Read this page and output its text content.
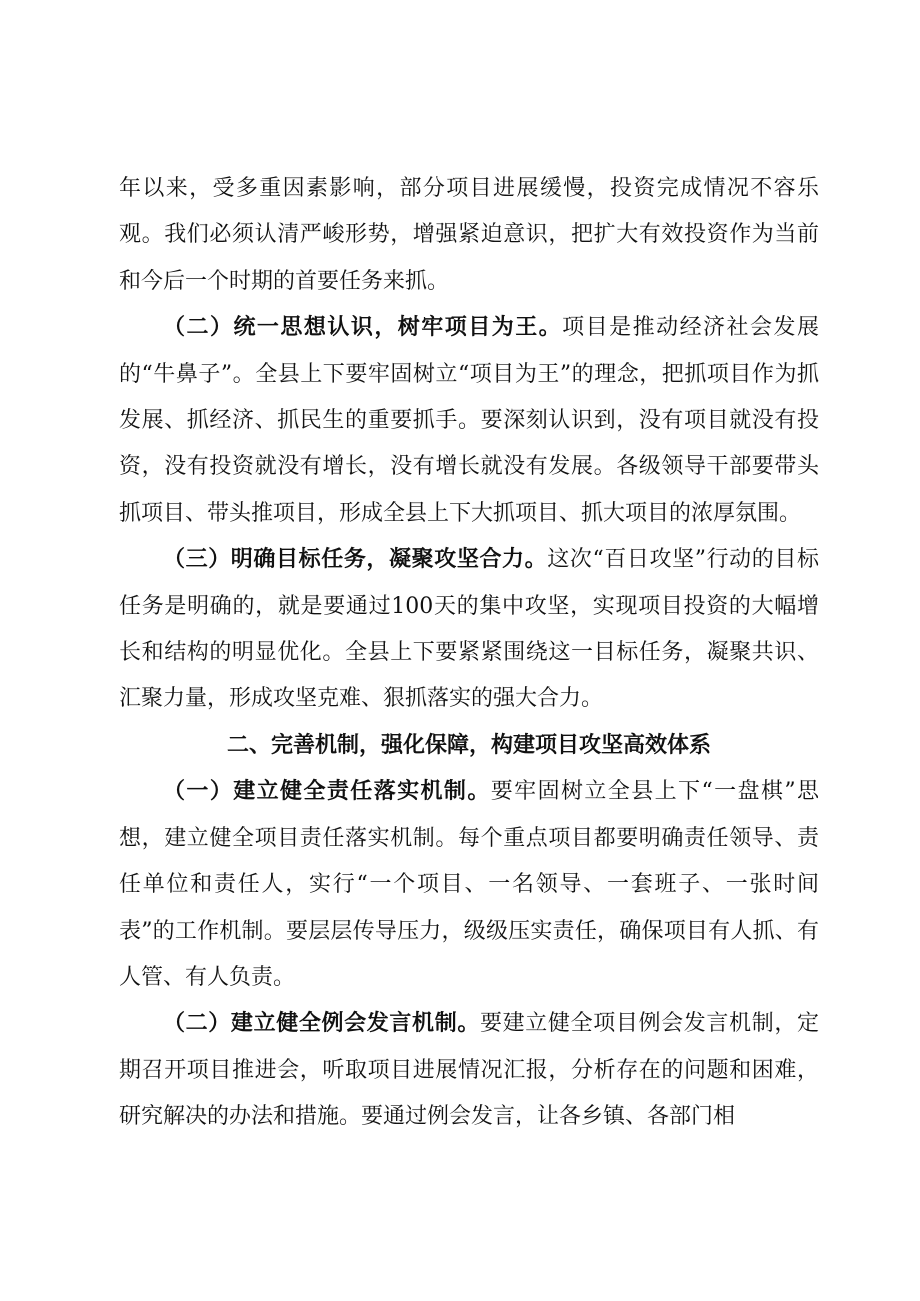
年以来，受多重因素影响，部分项目进展缓慢，投资完成情况不容乐观。我们必须认清严峻形势，增强紧迫意识，把扩大有效投资作为当前和今后一个时期的首要任务来抓。

（二）统一思想认识，树牢项目为王。项目是推动经济社会发展的“牛鼻子”。全县上下要牢固树立“项目为王”的理念，把抓项目作为抓发展、抓经济、抓民生的重要抓手。要深刻认识到，没有项目就没有投资，没有投资就没有增长，没有增长就没有发展。各级领导干部要带头抓项目、带头推项目，形成全县上下大抓项目、抓大项目的浓厚氛围。

（三）明确目标任务，凝聚攻坚合力。这次“百日攻坚”行动的目标任务是明确的，就是要通过100天的集中攻坚，实现项目投资的大幅增长和结构的明显优化。全县上下要紧紧围绕这一目标任务，凝聚共识、汇聚力量，形成攻坚克难、狠抓落实的强大合力。

二、完善机制，强化保障，构建项目攻坚高效体系

（一）建立健全责任落实机制。要牢固树立全县上下“一盘棋”思想，建立健全项目责任落实机制。每个重点项目都要明确责任领导、责任单位和责任人，实行“一个项目、一名领导、一套班子、一张时间表”的工作机制。要层层传导压力，级级压实责任，确保项目有人抓、有人管、有人负责。

（二）建立健全例会发言机制。要建立健全项目例会发言机制，定期召开项目推进会，听取项目进展情况汇报，分析存在的问题和困难，研究解决的办法和措施。要通过例会发言，让各乡镇、各部门相
